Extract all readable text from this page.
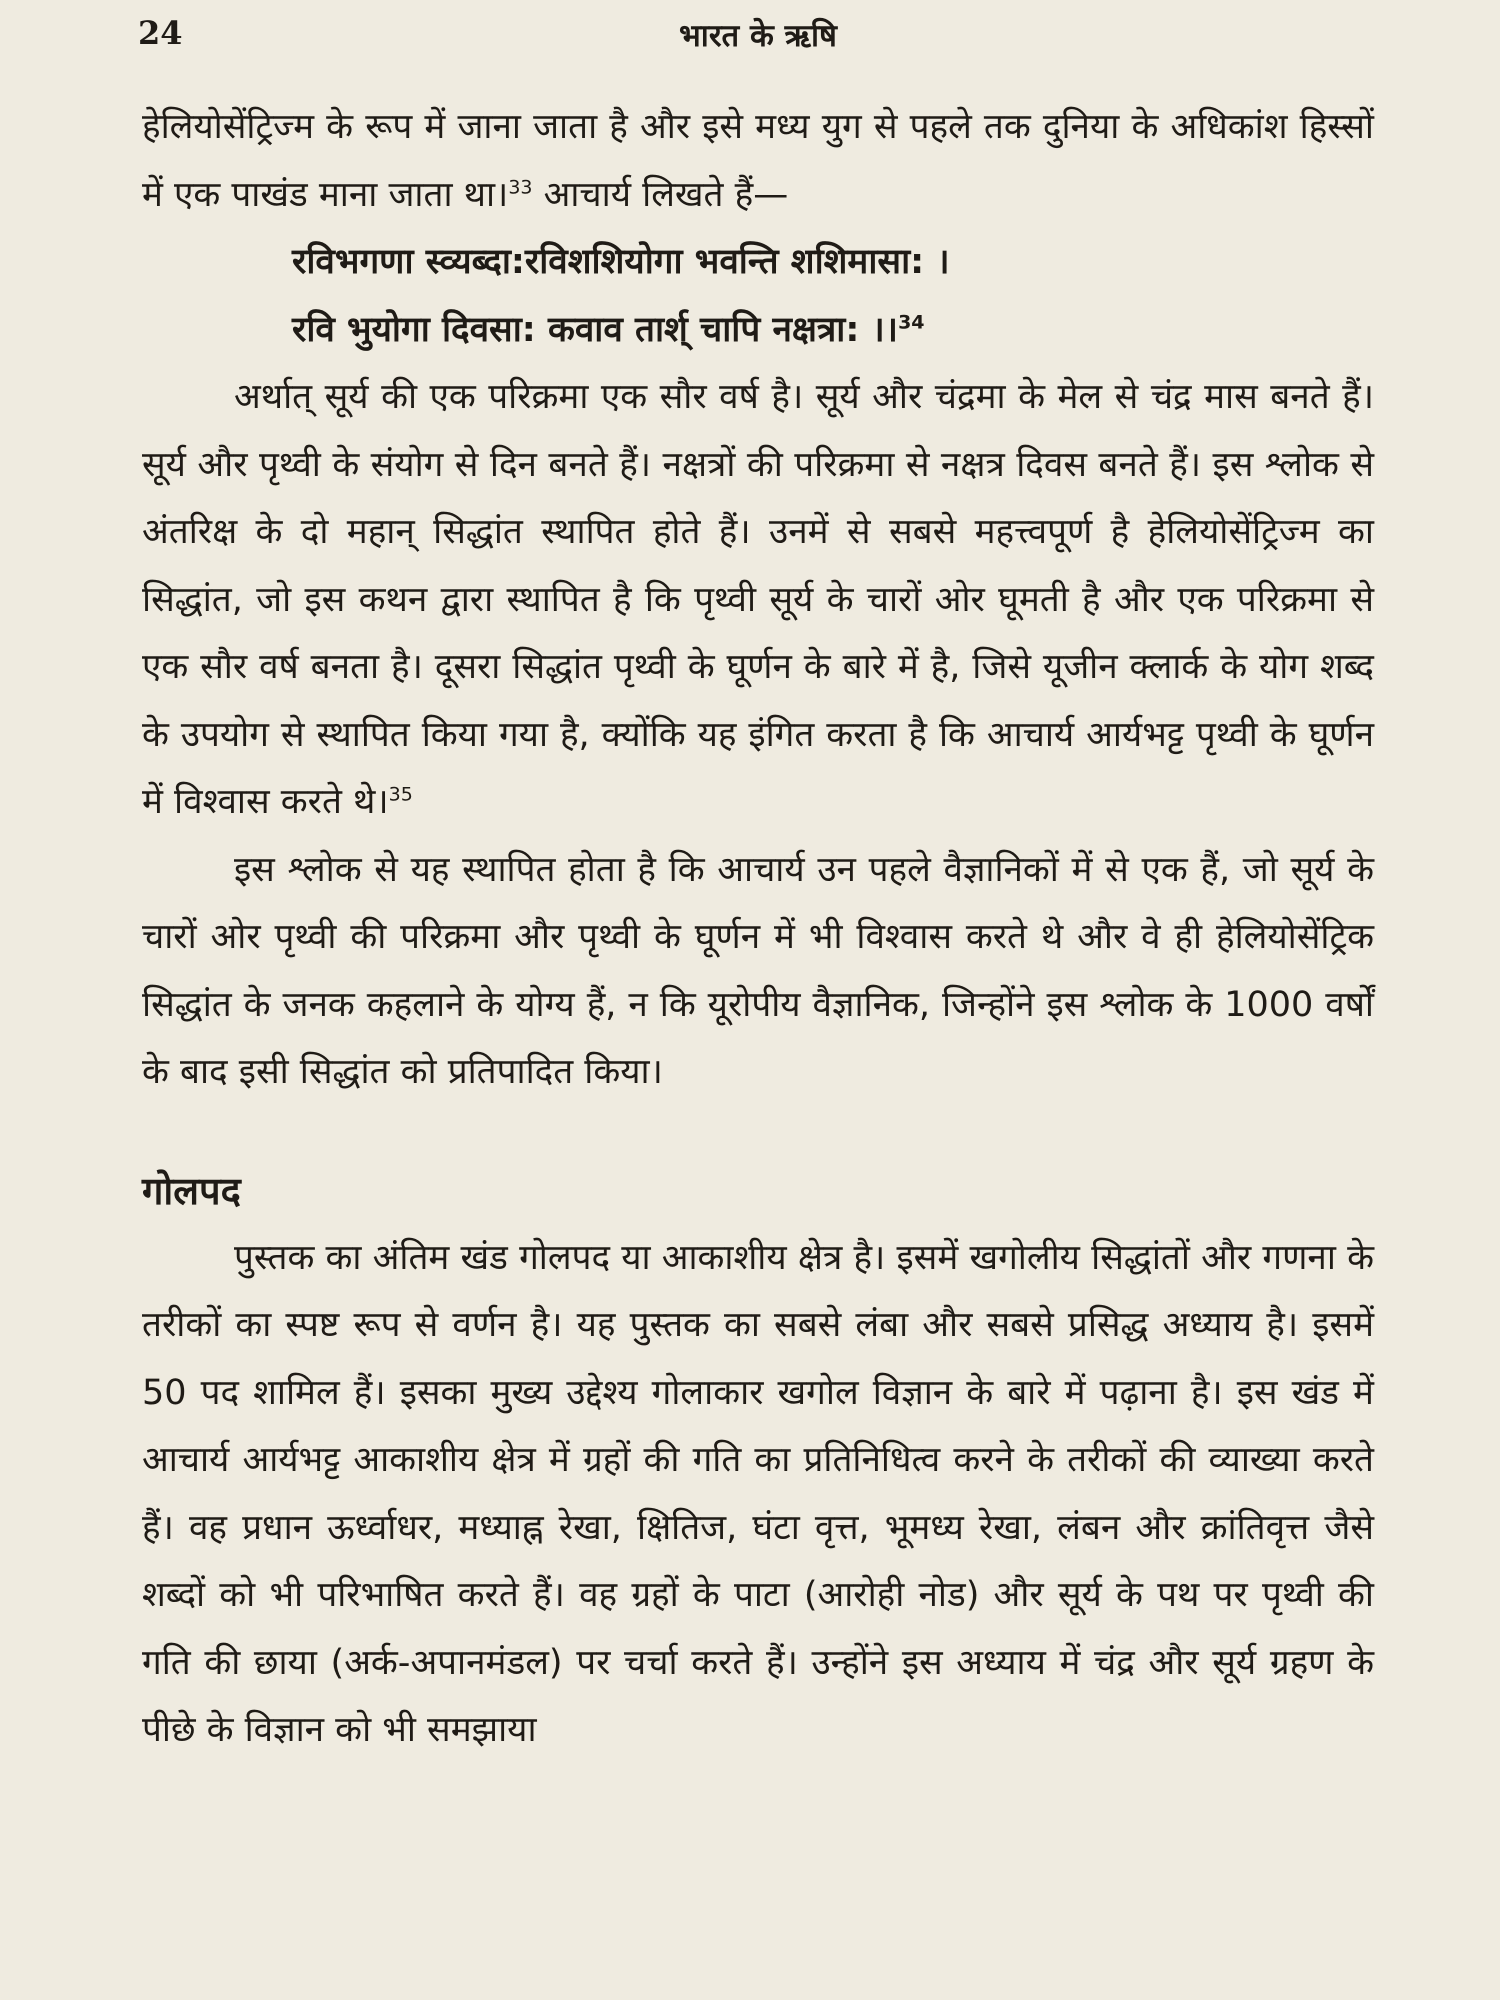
24	भारत के ऋषि

हेलियोसेंट्रिज्म के रूप में जाना जाता है और इसे मध्य युग से पहले तक दुनिया के अधिकांश हिस्सों में एक पाखंड माना जाता था।$^{33}$ आचार्य लिखते हैं—

रविभगणा स्व्यब्दा:रविशशियोगा भवन्ति शशिमासा: ।

रवि भुयोगा दिवसा: कवाव तार्श् चापि नक्षत्रा: ।।$^{34}$

अर्थात् सूर्य की एक परिक्रमा एक सौर वर्ष है। सूर्य और चंद्रमा के मेल से चंद्र मास बनते हैं। सूर्य और पृथ्वी के संयोग से दिन बनते हैं। नक्षत्रों की परिक्रमा से नक्षत्र दिवस बनते हैं। इस श्लोक से अंतरिक्ष के दो महान् सिद्धांत स्थापित होते हैं। उनमें से सबसे महत्त्वपूर्ण है हेलियोसेंट्रिज्म का सिद्धांत, जो इस कथन द्वारा स्थापित है कि पृथ्वी सूर्य के चारों ओर घूमती है और एक परिक्रमा से एक सौर वर्ष बनता है। दूसरा सिद्धांत पृथ्वी के घूर्णन के बारे में है, जिसे यूजीन क्लार्क के योग शब्द के उपयोग से स्थापित किया गया है, क्योंकि यह इंगित करता है कि आचार्य आर्यभट्ट पृथ्वी के घूर्णन में विश्वास करते थे।$^{35}$

इस श्लोक से यह स्थापित होता है कि आचार्य उन पहले वैज्ञानिकों में से एक हैं, जो सूर्य के चारों ओर पृथ्वी की परिक्रमा और पृथ्वी के घूर्णन में भी विश्वास करते थे और वे ही हेलियोसेंट्रिक सिद्धांत के जनक कहलाने के योग्य हैं, न कि यूरोपीय वैज्ञानिक, जिन्होंने इस श्लोक के 1000 वर्षों के बाद इसी सिद्धांत को प्रतिपादित किया।

गोलपद

पुस्तक का अंतिम खंड गोलपद या आकाशीय क्षेत्र है। इसमें खगोलीय सिद्धांतों और गणना के तरीकों का स्पष्ट रूप से वर्णन है। यह पुस्तक का सबसे लंबा और सबसे प्रसिद्ध अध्याय है। इसमें 50 पद शामिल हैं। इसका मुख्य उद्देश्य गोलाकार खगोल विज्ञान के बारे में पढ़ाना है। इस खंड में आचार्य आर्यभट्ट आकाशीय क्षेत्र में ग्रहों की गति का प्रतिनिधित्व करने के तरीकों की व्याख्या करते हैं। वह प्रधान ऊर्ध्वाधर, मध्याह्न रेखा, क्षितिज, घंटा वृत्त, भूमध्य रेखा, लंबन और क्रांतिवृत्त जैसे शब्दों को भी परिभाषित करते हैं। वह ग्रहों के पाटा (आरोही नोड) और सूर्य के पथ पर पृथ्वी की गति की छाया (अर्क-अपानमंडल) पर चर्चा करते हैं। उन्होंने इस अध्याय में चंद्र और सूर्य ग्रहण के पीछे के विज्ञान को भी समझाया
